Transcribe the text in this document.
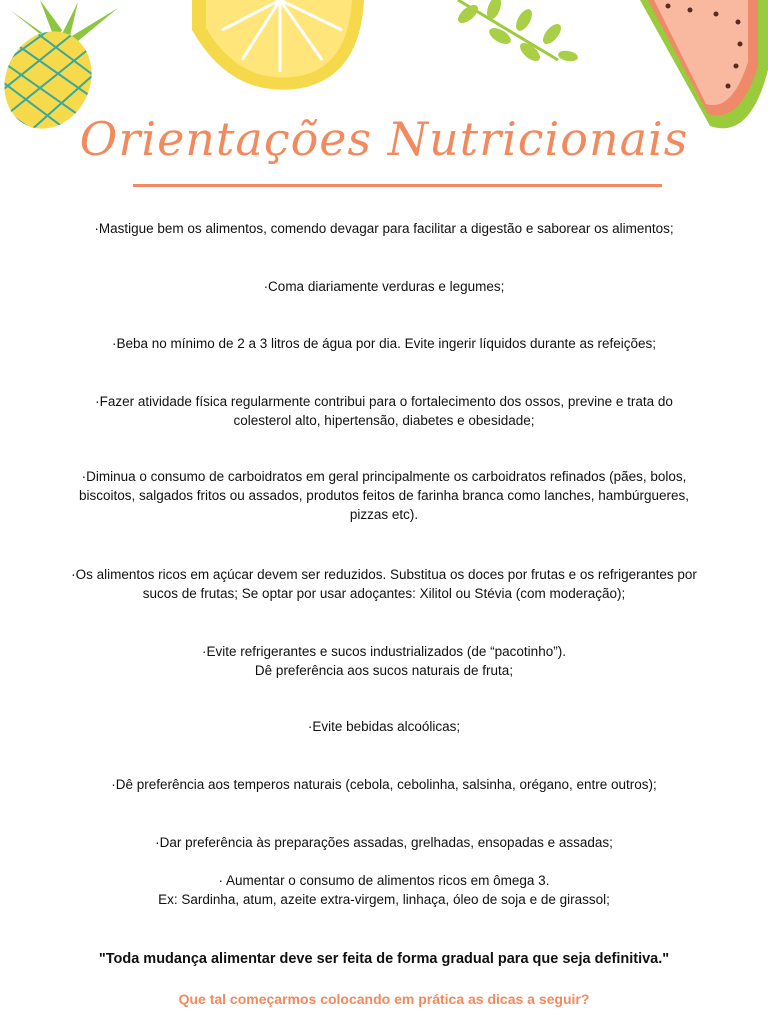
Orientações Nutricionais
·Mastigue bem os alimentos, comendo devagar para facilitar a digestão e saborear os alimentos;
·Coma diariamente verduras e legumes;
·Beba no mínimo de 2 a 3 litros de água por dia. Evite ingerir líquidos durante as refeições;
·Fazer atividade física regularmente contribui para o fortalecimento dos ossos, previne e trata do
colesterol alto, hipertensão, diabetes e obesidade;
·Diminua o consumo de carboidratos em geral principalmente os carboidratos refinados (pães, bolos,
biscoitos, salgados fritos ou assados, produtos feitos de farinha branca como lanches, hambúrgueres,
pizzas etc).
·Os alimentos ricos em açúcar devem ser reduzidos. Substitua os doces por frutas e os refrigerantes por
sucos de frutas; Se optar por usar adoçantes: Xilitol ou Stévia (com moderação);
·Evite refrigerantes e sucos industrializados (de “pacotinho”).
Dê preferência aos sucos naturais de fruta;
·Evite bebidas alcoólicas;
·Dê preferência aos temperos naturais (cebola, cebolinha, salsinha, orégano, entre outros);
·Dar preferência às preparações assadas, grelhadas, ensopadas e assadas;
· Aumentar o consumo de alimentos ricos em ômega 3.
Ex: Sardinha, atum, azeite extra-virgem, linhaça, óleo de soja e de girassol;
"Toda mudança alimentar deve ser feita de forma gradual para que seja definitiva."
Que tal começarmos colocando em prática as dicas a seguir?
